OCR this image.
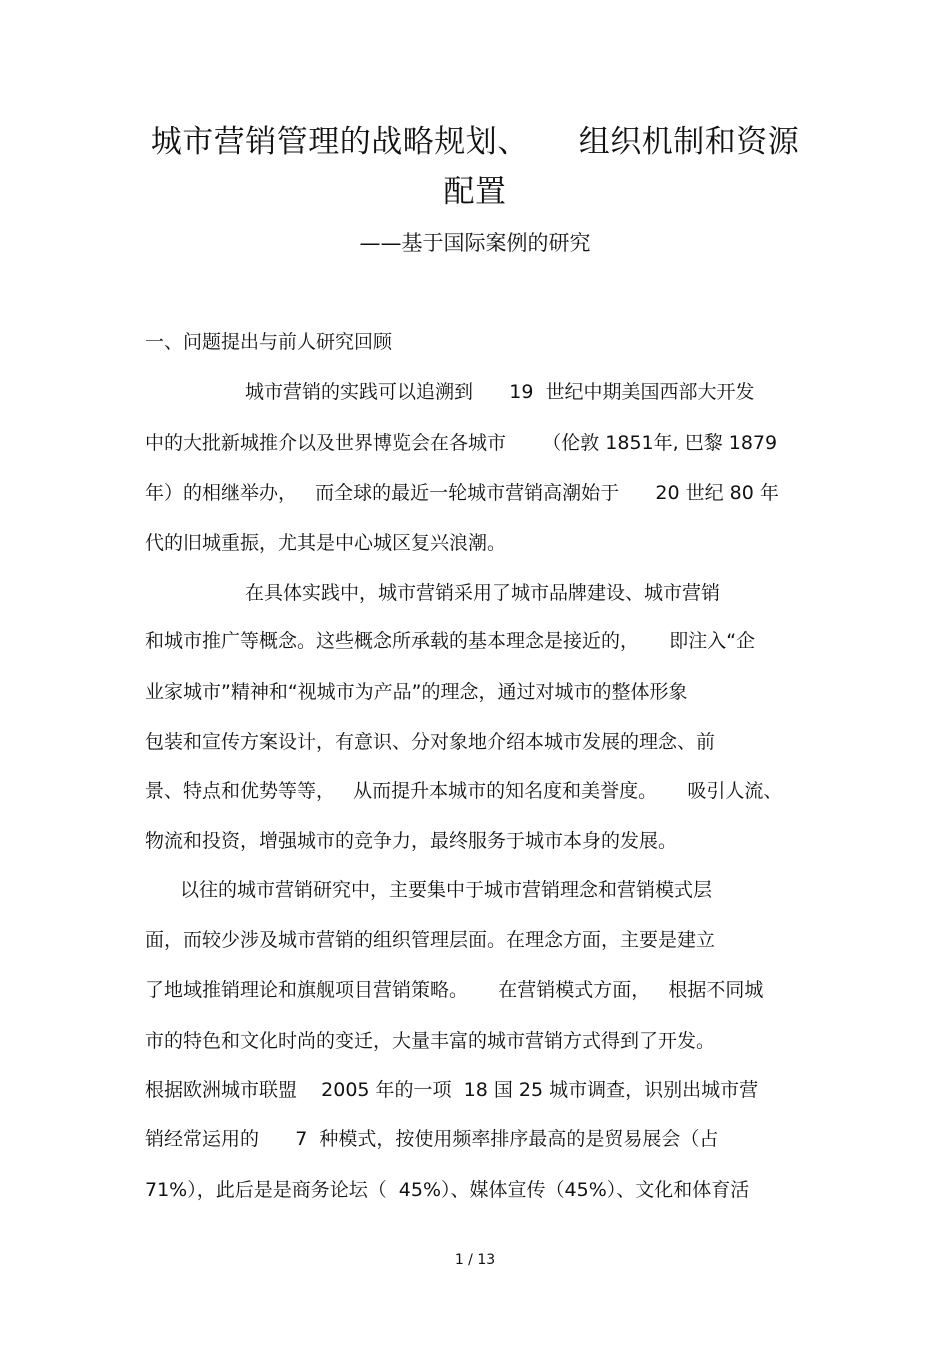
城市营销管理的战略规划、 组织机制和资源
配置
——基于国际案例的研究
一、问题提出与前人研究回顾
城市营销的实践可以追溯到      19  世纪中期美国西部大开发
中的大批新城推介以及世界博览会在各城市      （伦敦 1851年, 巴黎 1879
年）的相继举办，   而全球的最近一轮城市营销高潮始于      20 世纪 80 年
代的旧城重振，尤其是中心城区复兴浪潮。
在具体实践中，城市营销采用了城市品牌建设、城市营销
和城市推广等概念。这些概念所承载的基本理念是接近的，     即注入“企
业家城市”精神和“视城市为产品”的理念，通过对城市的整体形象
包装和宣传方案设计，有意识、分对象地介绍本城市发展的理念、前
景、特点和优势等等，   从而提升本城市的知名度和美誉度。     吸引人流、
物流和投资，增强城市的竞争力，最终服务于城市本身的发展。
以往的城市营销研究中，主要集中于城市营销理念和营销模式层
面，而较少涉及城市营销的组织管理层面。在理念方面，主要是建立
了地域推销理论和旗舰项目营销策略。     在营销模式方面，   根据不同城
市的特色和文化时尚的变迁，大量丰富的城市营销方式得到了开发。
根据欧洲城市联盟    2005 年的一项  18 国 25 城市调查，识别出城市营
销经常运用的      7  种模式，按使用频率排序最高的是贸易展会（占
71%），此后是是商务论坛（  45%）、媒体宣传（45%）、文化和体育活
1 / 13
